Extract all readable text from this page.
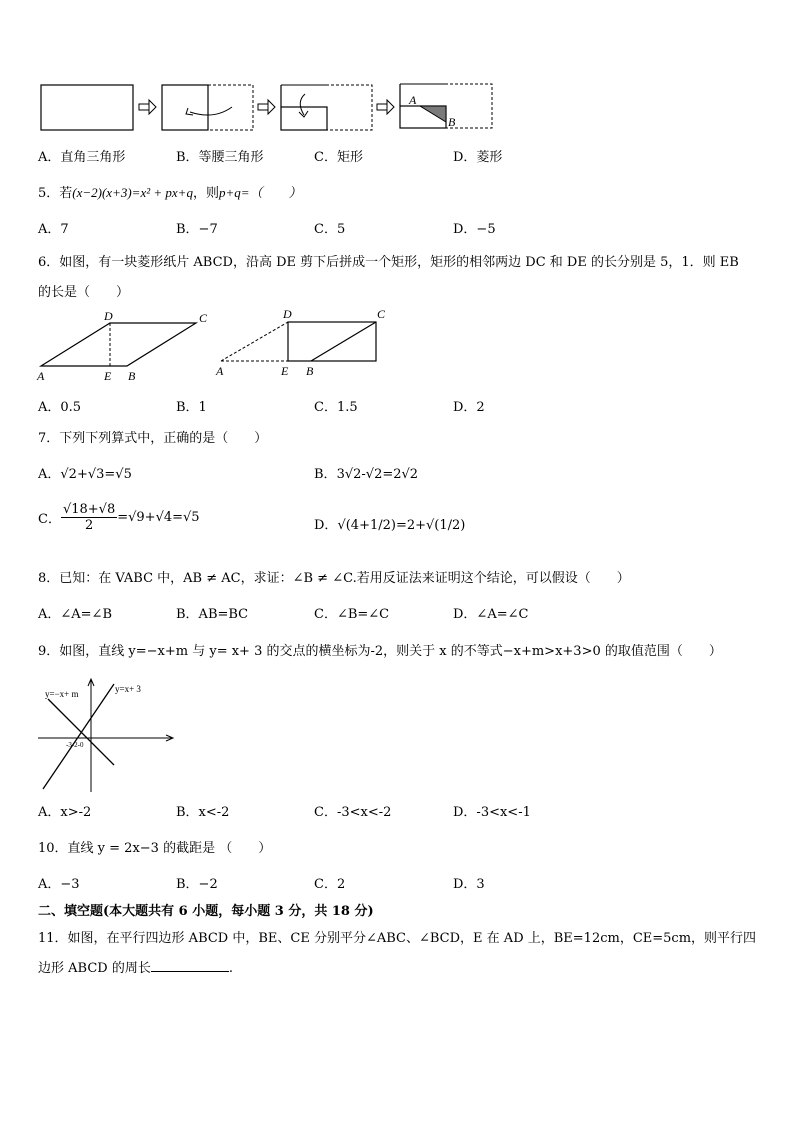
A
B
A．直角三角形	B．等腰三角形	C．矩形	D．菱形
5．若(x−2)(x+3)=x² + px+q，则p+q=（　　）
A．7	B．−7	C．5	D．−5
6．如图，有一块菱形纸片 ABCD，沿高 DE 剪下后拼成一个矩形，矩形的相邻两边 DC 和 DE 的长分别是 5，1．则 EB
的长是（　　）
D	C
A	E B
D	C
A	E B
A．0.5	B．1	C．1.5	D．2
7．下列下列算式中，正确的是（　　）
A．√2+√3=√5	B．3√2-√2=2√2
C． $\frac{√18+√8}{2} =√9+√4=√5$
D．√(4+1/2)=2+√(1/2)
8．已知：在 VABC 中，AB ≠ AC，求证：∠B ≠ ∠C.若用反证法来证明这个结论，可以假设（　　）
A．∠A=∠B	B．AB=BC	C．∠B=∠C	D．∠A=∠C
9．如图，直线 y=−x+m 与 y= x+ 3 的交点的横坐标为-2，则关于 x 的不等式−x+m>x+3>0 的取值范围（　　）
y=−x+ m	y=x+ 3
-3-2-0
A．x>-2	B．x<-2	C．-3<x<-2	D．-3<x<-1
10．直线 y = 2x−3 的截距是 （　　）
A．−3	B．−2	C．2	D．3
二、填空题(本大题共有 6 小题，每小题 3 分，共 18 分)
11．如图，在平行四边形 ABCD 中，BE、CE 分别平分∠ABC、∠BCD，E 在 AD 上，BE=12cm，CE=5cm，则平行四
边形 ABCD 的周长	.
